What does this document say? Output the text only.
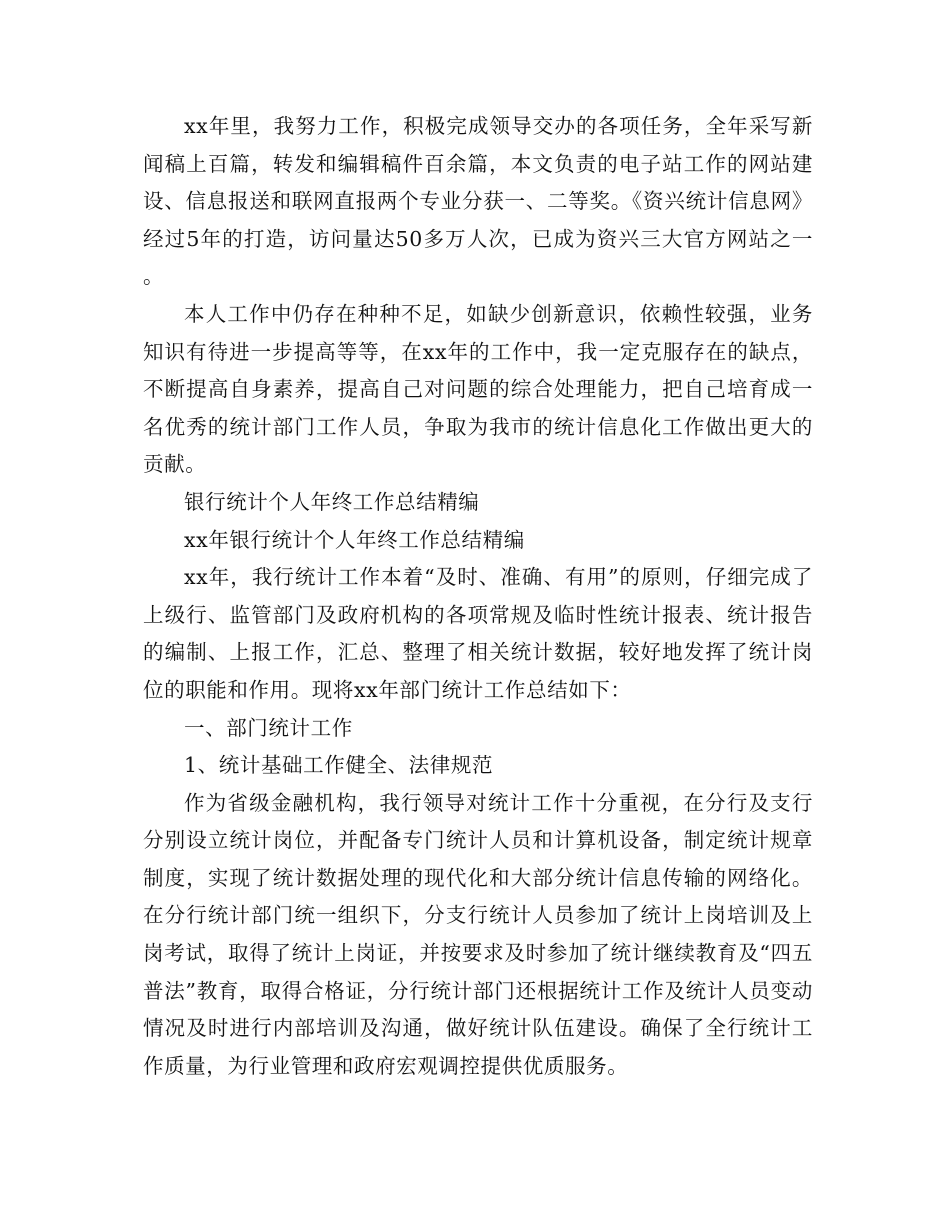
xx年里，我努力工作，积极完成领导交办的各项任务，全年采写新闻稿上百篇，转发和编辑稿件百余篇，本文负责的电子站工作的网站建设、信息报送和联网直报两个专业分获一、二等奖。《资兴统计信息网》 经过5年的打造，访问量达50多万人次，已成为资兴三大官方网站之一。

本人工作中仍存在种种不足，如缺少创新意识，依赖性较强，业务知识有待进一步提高等等，在xx年的工作中，我一定克服存在的缺点，不断提高自身素养，提高自己对问题的综合处理能力，把自己培育成一名优秀的统计部门工作人员，争取为我市的统计信息化工作做出更大的贡献。

银行统计个人年终工作总结精编

xx年银行统计个人年终工作总结精编

xx年，我行统计工作本着“及时、准确、有用”的原则，仔细完成了上级行、监管部门及政府机构的各项常规及临时性统计报表、统计报告的编制、上报工作，汇总、整理了相关统计数据，较好地发挥了统计岗位的职能和作用。现将xx年部门统计工作总结如下：

一、部门统计工作

1、统计基础工作健全、法律规范

作为省级金融机构，我行领导对统计工作十分重视，在分行及支行分别设立统计岗位，并配备专门统计人员和计算机设备，制定统计规章制度，实现了统计数据处理的现代化和大部分统计信息传输的网络化。在分行统计部门统一组织下，分支行统计人员参加了统计上岗培训及上岗考试，取得了统计上岗证，并按要求及时参加了统计继续教育及“四五普法”教育，取得合格证，分行统计部门还根据统计工作及统计人员变动情况及时进行内部培训及沟通，做好统计队伍建设。确保了全行统计工作质量，为行业管理和政府宏观调控提供优质服务。
